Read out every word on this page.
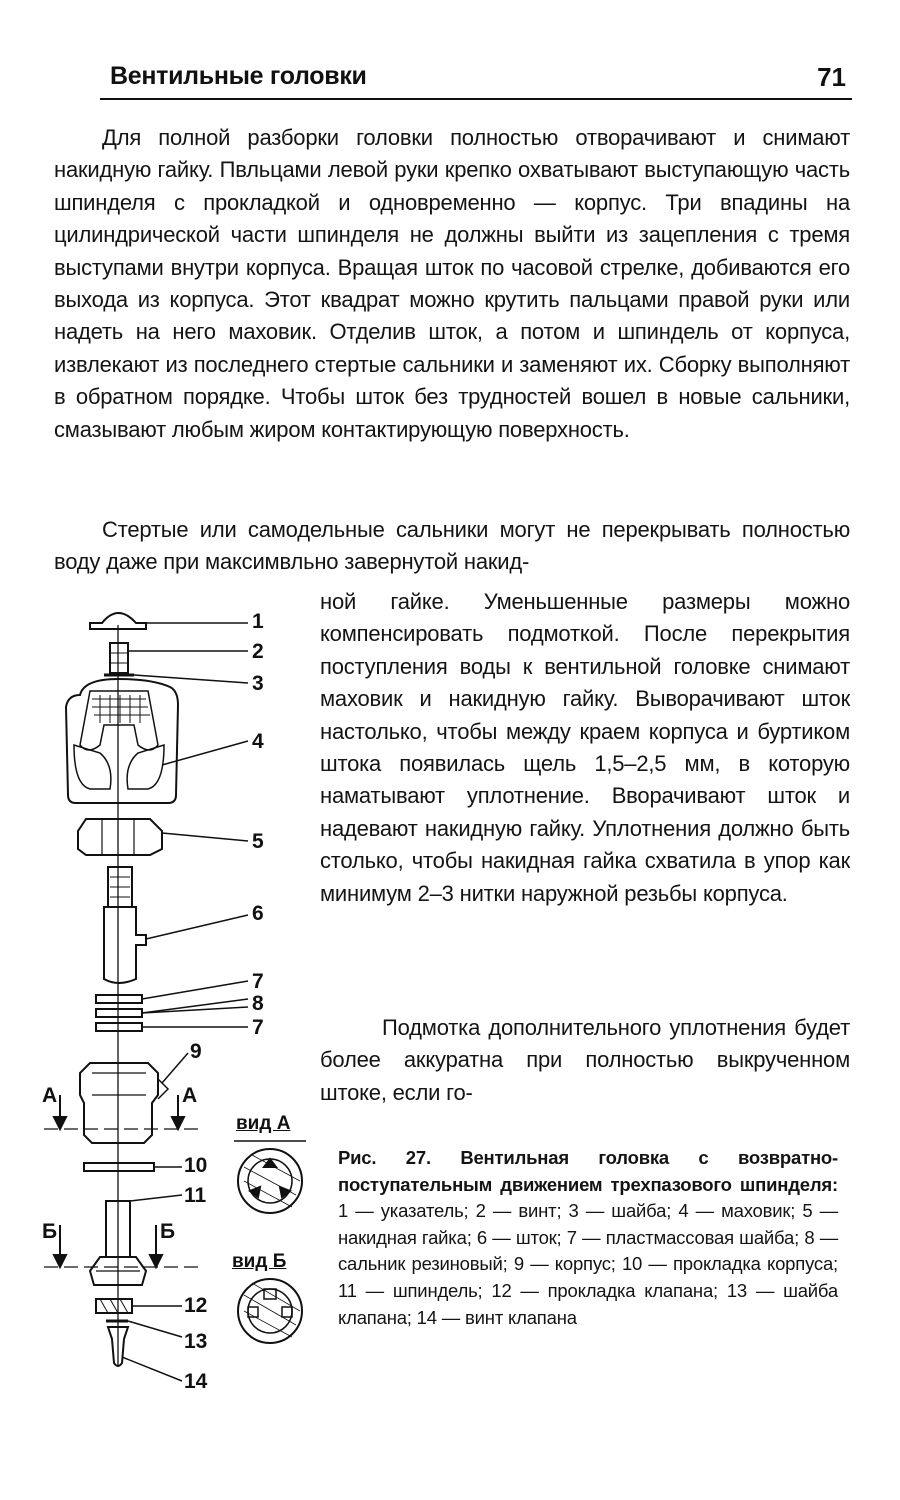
Вентильные головки	71

Для полной разборки головки полностью отворачивают и снимают накидную гайку. Пвльцами левой руки крепко охватывают выступающую часть шпинделя с прокладкой и одновременно — корпус. Три впадины на цилиндрической части шпинделя не должны выйти из зацепления с тремя выступами внутри корпуса. Вращая шток по часовой стрелке, добиваются его выхода из корпуса. Этот квадрат можно крутить пальцами правой руки или надеть на него маховик. Отделив шток, а потом и шпиндель от корпуса, извлекают из последнего стертые сальники и заменяют их. Сборку выполняют в обратном порядке. Чтобы шток без трудностей вошел в новые сальники, смазывают любым жиром контактирующую поверхность.

Стертые или самодельные сальники могут не перекрывать полностью воду даже при максимвльно завернутой накид-

ной гайке. Уменьшенные размеры можно компенсировать подмоткой. После перекрытия поступления воды к вентильной головке снимают маховик и накидную гайку. Выворачивают шток настолько, чтобы между краем корпуса и буртиком штока появилась щель 1,5–2,5 мм, в которую наматывают уплотнение. Вворачивают шток и надевают накидную гайку. Уплотнения должно быть столько, чтобы накидная гайка схватила в упор как минимум 2–3 нитки наружной резьбы корпуса.

Подмотка дополнительного уплотнения будет более аккуратна при полностью выкрученном штоке, если го-

Рис. 27. Вентильная головка с возвратно-поступательным движением трехпазового шпинделя: 1 — указатель; 2 — винт; 3 — шайба; 4 — маховик; 5 — накидная гайка; 6 — шток; 7 — пластмассовая шайба; 8 — сальник резиновый; 9 — корпус; 10 — прокладка корпуса; 11 — шпиндель; 12 — прокладка клапана; 13 — шайба клапана; 14 — винт клапана

1
2
3
4
5
6
7
8
7
9
10
11
12
13
14
А	А
Б	Б
вид А
вид Б
